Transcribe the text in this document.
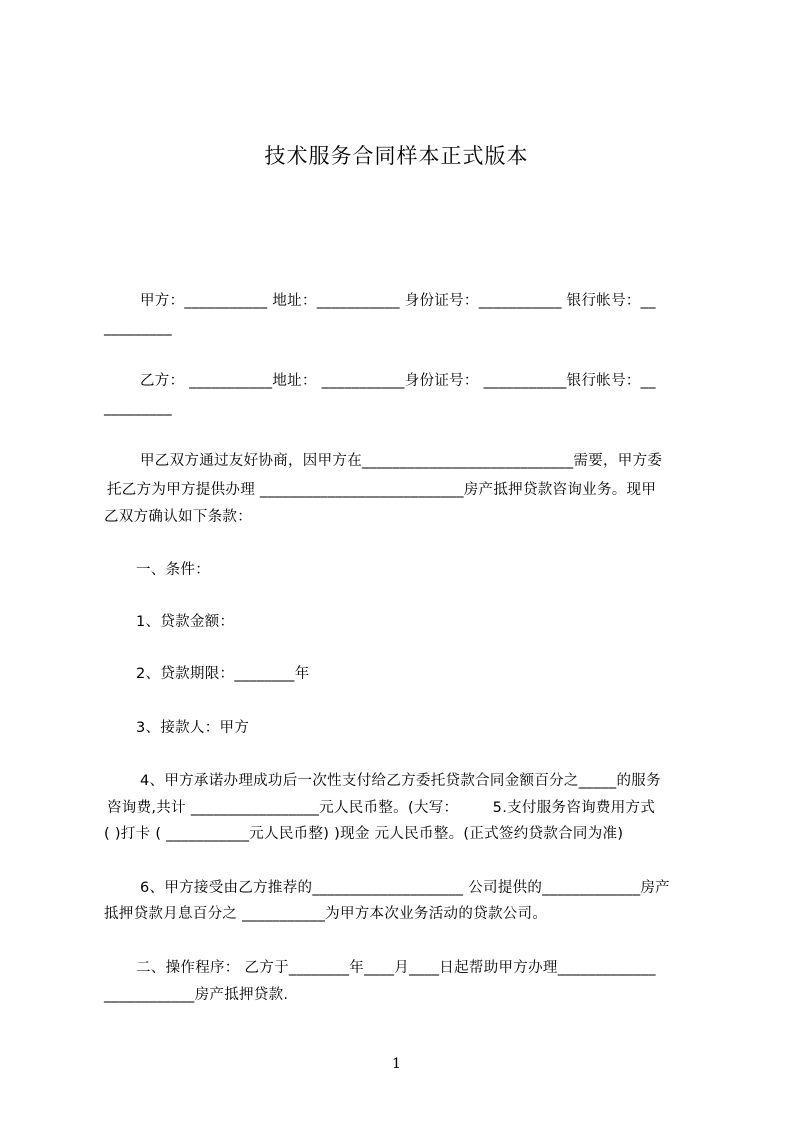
技术服务合同样本正式版本
甲方：___________ 地址：___________ 身份证号：___________ 银行帐号：__
_________
乙方： ___________地址： ___________身份证号： ___________银行帐号：__
_________
甲乙双方通过友好协商，因甲方在____________________________需要，甲方委
托乙方为甲方提供办理 ___________________________房产抵押贷款咨询业务。现甲
乙双方确认如下条款：
一、条件：
1、贷款金额：
2、贷款期限：________年
3、接款人：甲方
4、甲方承诺办理成功后一次性支付给乙方委托贷款合同金额百分之_____的服务
咨询费,共计 _________________元人民币整。(大写：       5.支付服务咨询费用方式
( )打卡 ( ___________元人民币整) )现金 元人民币整。(正式签约贷款合同为准)
6、甲方接受由乙方推荐的____________________ 公司提供的_____________房产
抵押贷款月息百分之 ___________为甲方本次业务活动的贷款公司。
二、操作程序： 乙方于________年____月____日起帮助甲方办理_____________
____________房产抵押贷款.
1
